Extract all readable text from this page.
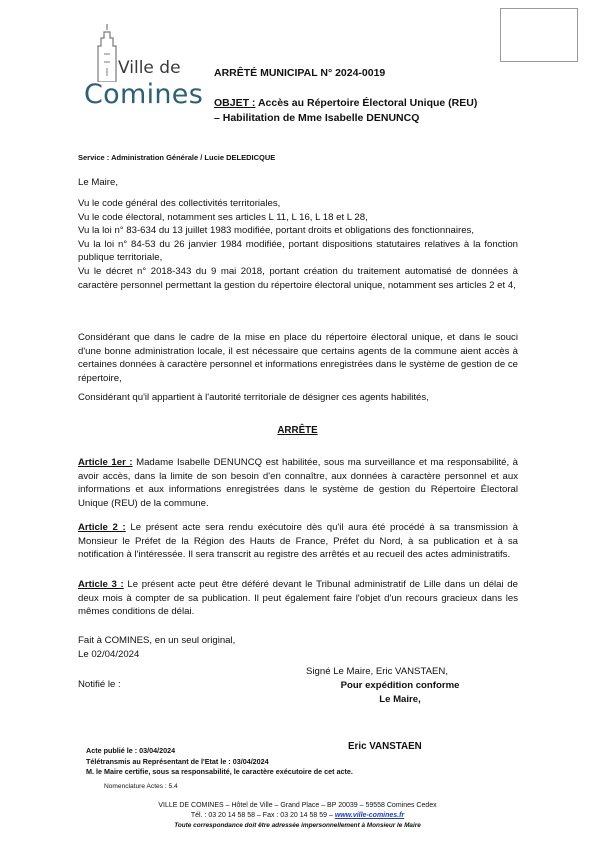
Ville de
Comines
ARRÊTÉ MUNICIPAL N° 2024-0019
OBJET : Accès au Répertoire Électoral Unique (REU)
– Habilitation de Mme Isabelle DENUNCQ
Service : Administration Générale / Lucie DELEDICQUE
Le Maire,
Vu le code général des collectivités territoriales,
Vu le code électoral, notamment ses articles L 11, L 16, L 18 et L 28,
Vu la loi n° 83-634 du 13 juillet 1983 modifiée, portant droits et obligations des fonctionnaires,
Vu la loi n° 84-53 du 26 janvier 1984 modifiée, portant dispositions statutaires relatives à la fonction publique territoriale,
Vu le décret n° 2018-343 du 9 mai 2018, portant création du traitement automatisé de données à caractère personnel permettant la gestion du répertoire électoral unique, notamment ses articles 2 et 4,
Considérant que dans le cadre de la mise en place du répertoire électoral unique, et dans le souci d'une bonne administration locale, il est nécessaire que certains agents de la commune aient accès à certaines données à caractère personnel et informations enregistrées dans le système de gestion de ce répertoire,
Considérant qu'il appartient à l'autorité territoriale de désigner ces agents habilités,
ARRÊTE
Article 1er : Madame Isabelle DENUNCQ est habilitée, sous ma surveillance et ma responsabilité, à avoir accès, dans la limite de son besoin d'en connaître, aux données à caractère personnel et aux informations et aux informations enregistrées dans le système de gestion du Répertoire Électoral Unique (REU) de la commune.
Article 2 : Le présent acte sera rendu exécutoire dès qu'il aura été procédé à sa transmission à Monsieur le Préfet de la Région des Hauts de France, Préfet du Nord, à sa publication et à sa notification à l'intéressée. Il sera transcrit au registre des arrêtés et au recueil des actes administratifs.
Article 3 : Le présent acte peut être déféré devant le Tribunal administratif de Lille dans un délai de deux mois à compter de sa publication. Il peut également faire l'objet d'un recours gracieux dans les mêmes conditions de délai.
Fait à COMINES, en un seul original,
Le 02/04/2024
Signé Le Maire, Eric VANSTAEN,
Notifié le :	Pour expédition conforme
Le Maire,
Eric VANSTAEN
Acte publié le : 03/04/2024
Télétransmis au Représentant de l'Etat le : 03/04/2024
M. le Maire certifie, sous sa responsabilité, le caractère exécutoire de cet acte.
Nomenclature Actes : 5.4
VILLE DE COMINES – Hôtel de Ville – Grand Place – BP 20039 – 59558 Comines Cedex
Tél. : 03 20 14 58 58 – Fax : 03 20 14 58 59 – www.ville-comines.fr
Toute correspondance doit être adressée impersonnellement à Monsieur le Maire
